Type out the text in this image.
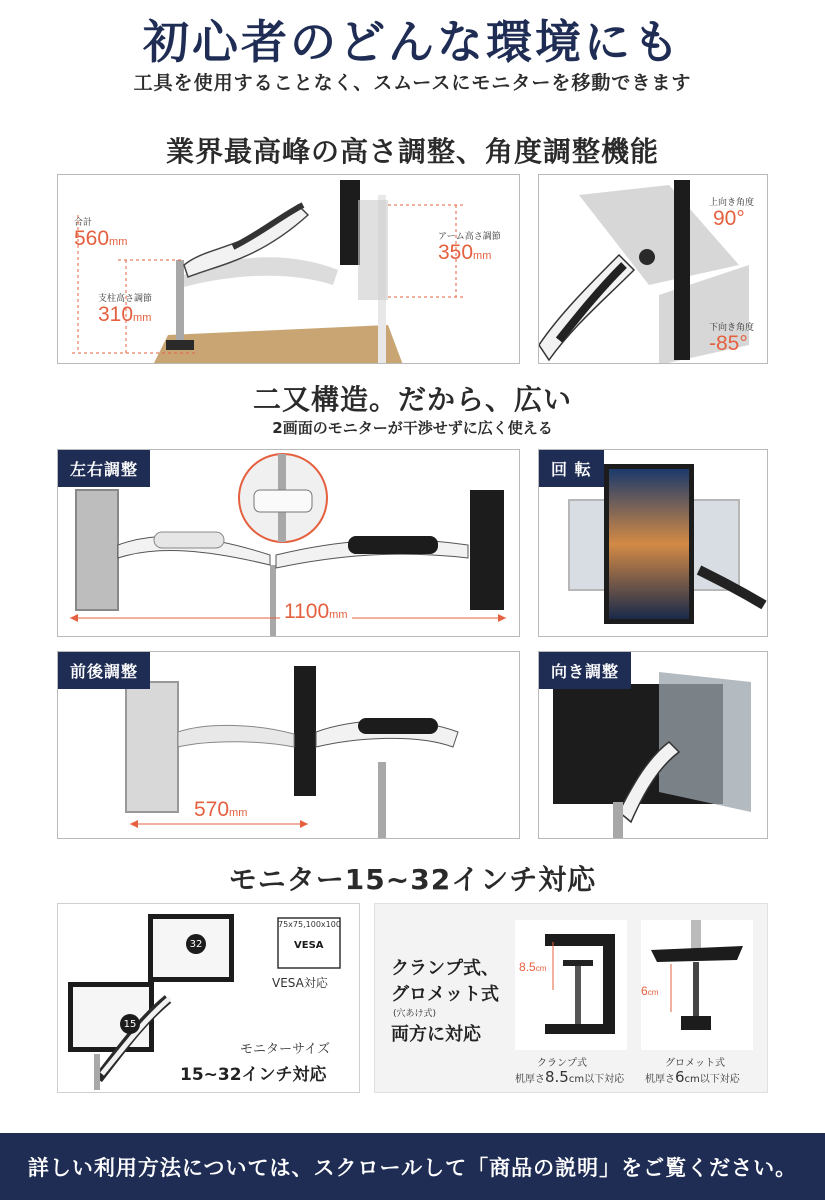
初心者のどんな環境にも
工具を使用することなく、スムースにモニターを移動できます
業界最高峰の高さ調整、角度調整機能
合計
560mm
支柱高さ調節
310mm
アーム高さ調節
350mm
上向き角度
90°
下向き角度
-85°
二又構造。だから、広い
2画面のモニターが干渉せずに広く使える
左右調整
1100mm
回 転
前後調整
570mm
向き調整
モニター15~32インチ対応
32
15
75x75,100x100
VESA
VESA対応
モニターサイズ
15~32インチ対応
クランプ式、
グロメット式
(穴あけ式)
両方に対応
8.5cm
クランプ式
机厚さ8.5cm以下対応
6cm
グロメット式
机厚さ6cm以下対応
詳しい利用方法については、スクロールして「商品の説明」をご覧ください。
